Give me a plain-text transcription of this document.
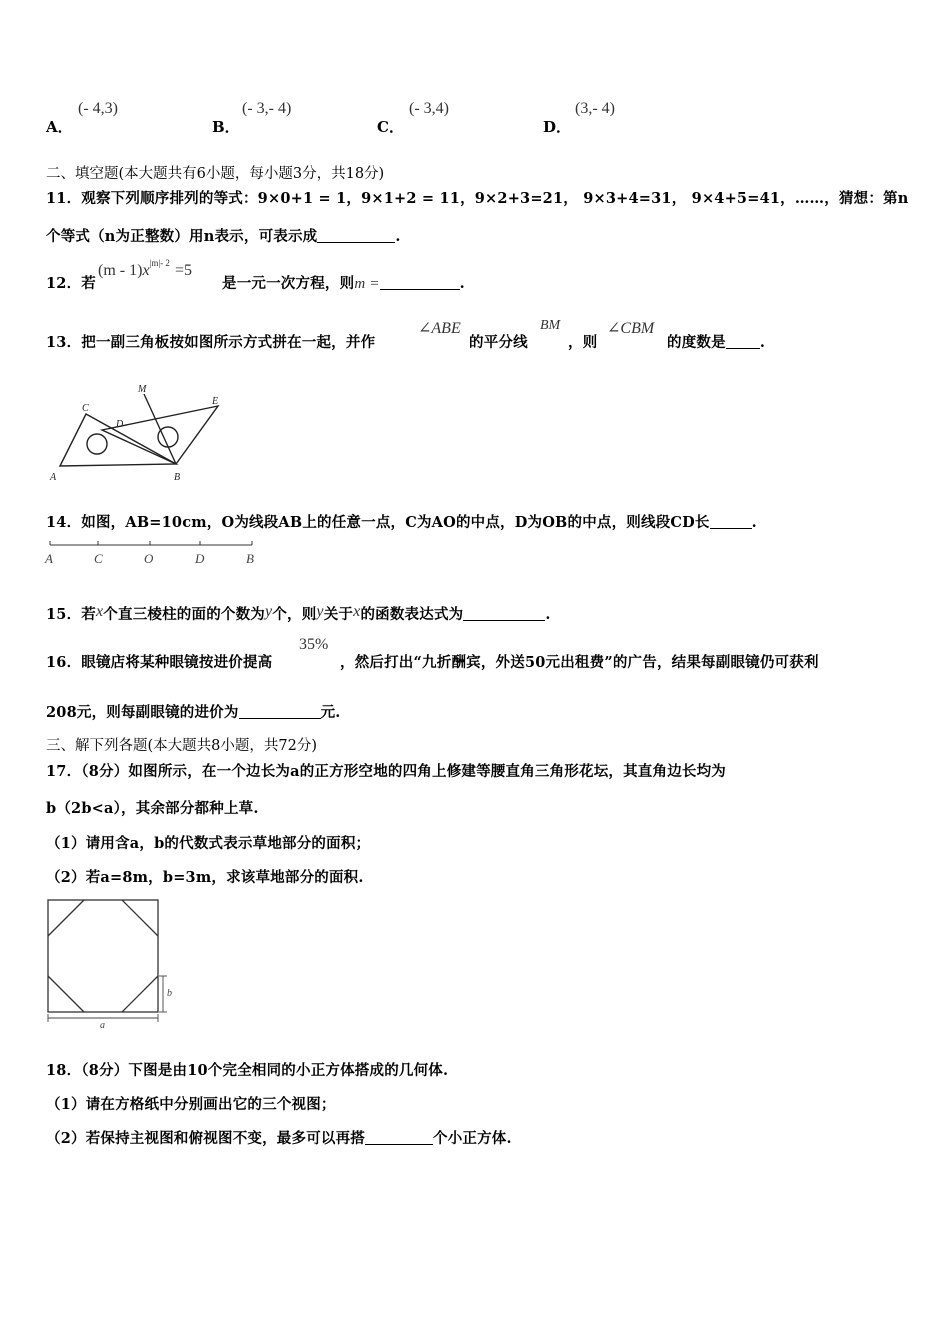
A．
(- 4,3)
B．
(- 3,- 4)
C．
(- 3,4)
D．
(3,- 4)
二、填空题(本大题共有6小题，每小题3分，共18分)
11．观察下列顺序排列的等式：9×0+1 = 1，9×1+2 = 11，9×2+3=21， 9×3+4=31， 9×4+5=41，……，猜想：第n
个等式（n为正整数）用n表示，可表示成	.
12．若
$(m - 1)x^{|m|- 2} =5$
是一元一次方程，则m =	.
13．把一副三角板按如图所示方式拼在一起，并作
∠ABE
的平分线
BM
，则
∠CBM
的度数是 .
M
C
D
E
A	B
14．如图，AB=10cm，O为线段AB上的任意一点，C为AO的中点，D为OB的中点，则线段CD长	.
A	C	O	D	B
15．若x个直三棱柱的面的个数为y个，则y关于x的函数表达式为	.
16．眼镜店将某种眼镜按进价提高
35%
，然后打出“九折酬宾，外送50元出租费”的广告，结果每副眼镜仍可获利
208元，则每副眼镜的进价为	元.
三、解下列各题(本大题共8小题，共72分)
17．（8分）如图所示，在一个边长为a的正方形空地的四角上修建等腰直角三角形花坛，其直角边长均为
b（2b<a），其余部分都种上草.
（1）请用含a，b的代数式表示草地部分的面积；
（2）若a=8m，b=3m，求该草地部分的面积.
b
a
18．（8分）下图是由10个完全相同的小正方体搭成的几何体.
（1）请在方格纸中分别画出它的三个视图；
（2）若保持主视图和俯视图不变，最多可以再搭	个小正方体.
